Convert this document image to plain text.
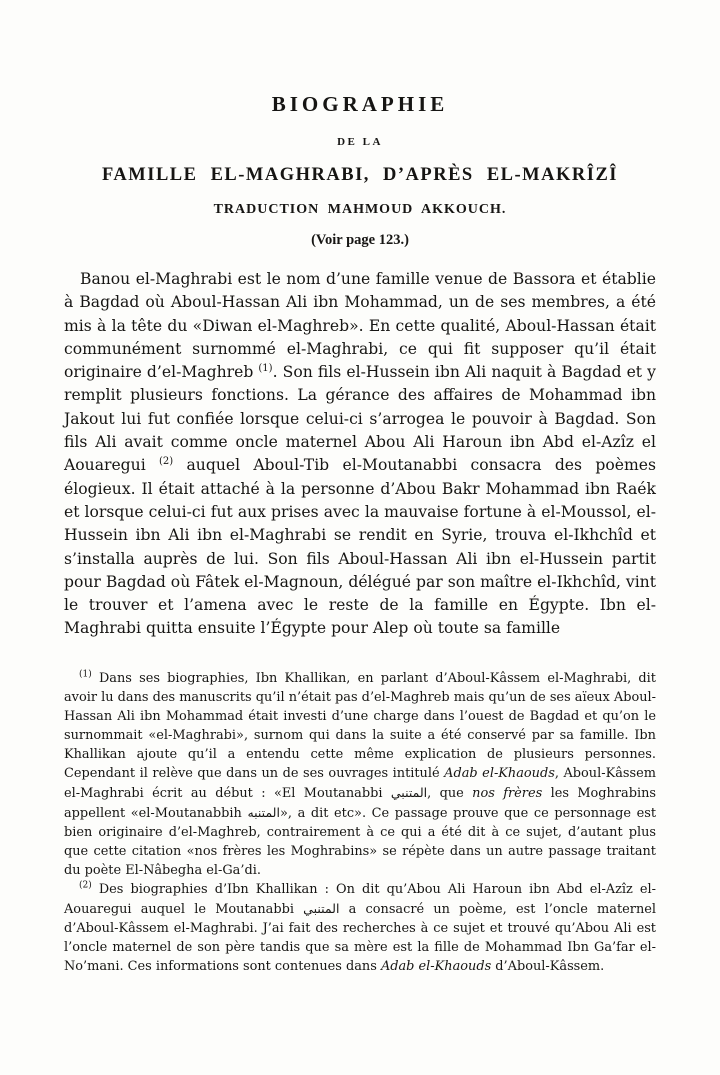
BIOGRAPHIE
DE LA
FAMILLE EL-MAGHRABI, D’APRÈS EL-MAKRÎZÎ
TRADUCTION MAHMOUD AKKOUCH.
(Voir page 123.)

Banou el-Maghrabi est le nom d’une famille venue de Bassora et établie à Bagdad où Aboul-Hassan Ali ibn Mohammad, un de ses membres, a été mis à la tête du «Diwan el-Maghreb». En cette qualité, Aboul-Hassan était communément surnommé el-Maghrabi, ce qui fit supposer qu’il était originaire d’el-Maghreb $^{(1)}$. Son fils el-Hussein ibn Ali naquit à Bagdad et y remplit plusieurs fonctions. La gérance des affaires de Mohammad ibn Jakout lui fut confiée lorsque celui-ci s’arrogea le pouvoir à Bagdad. Son fils Ali avait comme oncle maternel Abou Ali Haroun ibn Abd el-Azîz el Aouaregui $^{(2)}$ auquel Aboul-Tib el-Moutanabbi consacra des poèmes élogieux. Il était attaché à la personne d’Abou Bakr Mohammad ibn Raék et lorsque celui-ci fut aux prises avec la mauvaise fortune à el-Moussol, el-Hussein ibn Ali ibn el-Maghrabi se rendit en Syrie, trouva el-Ikhchîd et s’installa auprès de lui. Son fils Aboul-Hassan Ali ibn el-Hussein partit pour Bagdad où Fâtek el-Magnoun, délégué par son maître el-Ikhchîd, vint le trouver et l’amena avec le reste de la famille en Égypte. Ibn el-Maghrabi quitta ensuite l’Égypte pour Alep où toute sa famille

$^{(1)}$ Dans ses biographies, Ibn Khallikan, en parlant d’Aboul-Kâssem el-Maghrabi, dit avoir lu dans des manuscrits qu’il n’était pas d’el-Maghreb mais qu’un de ses aïeux Aboul-Hassan Ali ibn Mohammad était investi d’une charge dans l’ouest de Bagdad et qu’on le surnommait «el-Maghrabi», surnom qui dans la suite a été conservé par sa famille. Ibn Khallikan ajoute qu’il a entendu cette même explication de plusieurs personnes. Cependant il relève que dans un de ses ouvrages intitulé Adab el-Khaouds, Aboul-Kâssem el-Maghrabi écrit au début : «El Moutanabbi المتنبي, que nos frères les Moghrabins appellent «el-Moutanabbih المتنبه», a dit etc». Ce passage prouve que ce personnage est bien originaire d’el-Maghreb, contrairement à ce qui a été dit à ce sujet, d’autant plus que cette citation «nos frères les Moghrabins» se répète dans un autre passage traitant du poète El-Nâbegha el-Ga’di.

$^{(2)}$ Des biographies d’Ibn Khallikan : On dit qu’Abou Ali Haroun ibn Abd el-Azîz el-Aouaregui auquel le Moutanabbi المتنبي a consacré un poème, est l’oncle maternel d’Aboul-Kâssem el-Maghrabi. J’ai fait des recherches à ce sujet et trouvé qu’Abou Ali est l’oncle maternel de son père tandis que sa mère est la fille de Mohammad Ibn Ga’far el-No’mani. Ces informations sont contenues dans Adab el-Khaouds d’Aboul-Kâssem.
